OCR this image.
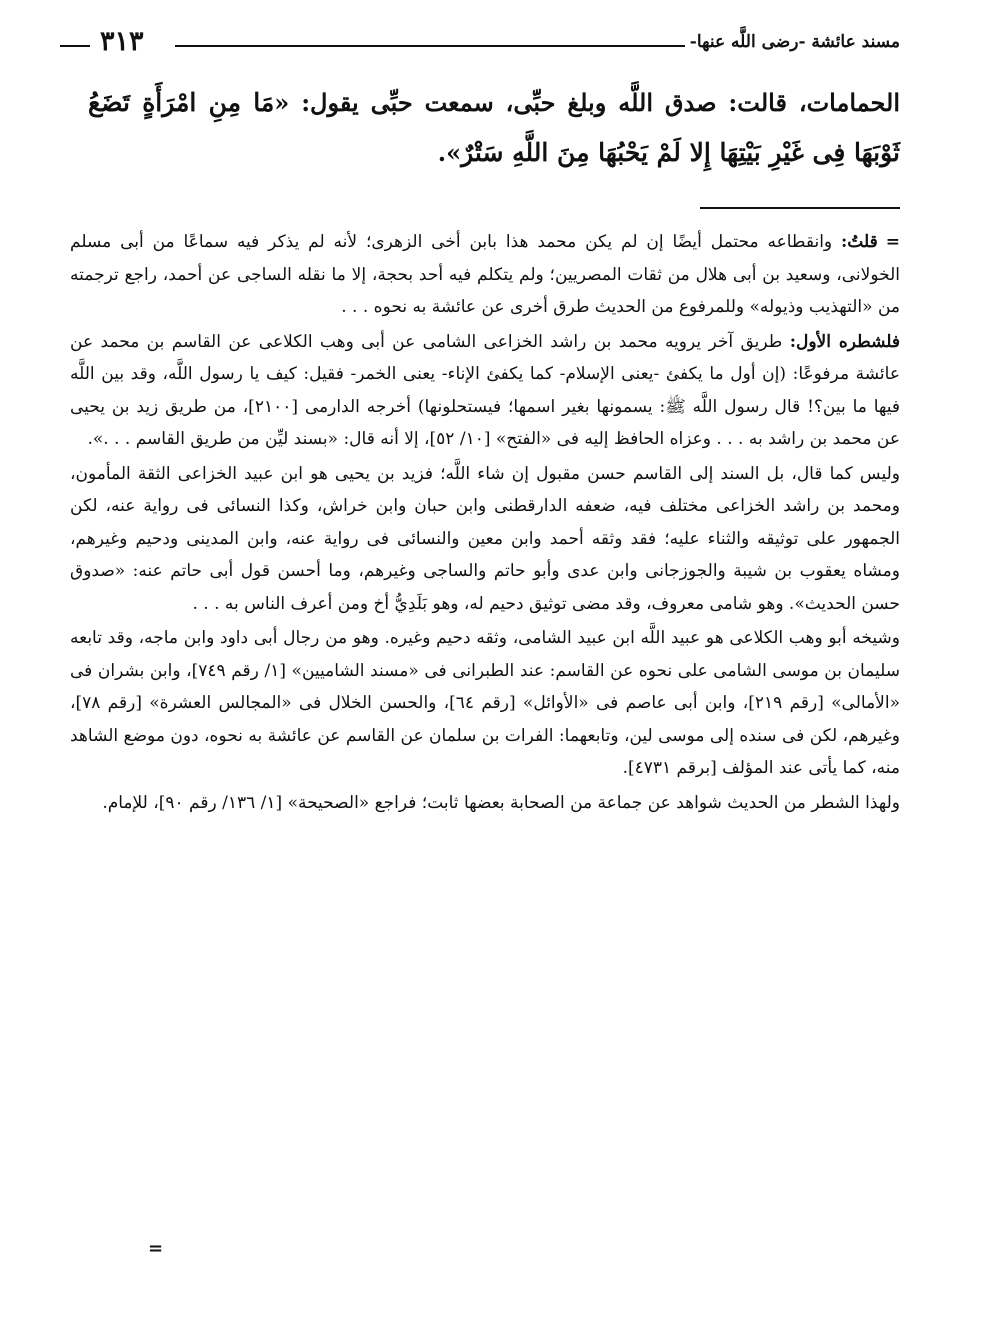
مسند عائشة -رضى اللَّه عنها-
٣١٣
الحمامات، قالت: صدق اللَّه وبلغ حبِّى، سمعت حبِّى يقول: «مَا مِنِ امْرَأَةٍ تَضَعُ ثَوْبَهَا فِى غَيْرِ بَيْتِهَا إِلا لَمْ يَحْبُهَا مِنَ اللَّهِ سَتْرٌ».

=قلتُ: وانقطاعه محتمل أيضًا إن لم يكن محمد هذا بابن أخى الزهرى؛ لأنه لم يذكر فيه سماعًا من أبى مسلم الخولانى، وسعيد بن أبى هلال من ثقات المصريين؛ ولم يتكلم فيه أحد بحجة، إلا ما نقله الساجى عن أحمد، راجع ترجمته من «التهذيب وذيوله» وللمرفوع من الحديث طرق أخرى عن عائشة به نحوه . . .

فلشطره الأول: طريق آخر يرويه محمد بن راشد الخزاعى الشامى عن أبى وهب الكلاعى عن القاسم بن محمد عن عائشة مرفوعًا: (إن أول ما يكفئ -يعنى الإسلام- كما يكفئ الإناء- يعنى الخمر- فقيل: كيف يا رسول اللَّه، وقد بين اللَّه فيها ما بين؟! قال رسول اللَّه ﷺ: يسمونها بغير اسمها؛ فيستحلونها) أخرجه الدارمى [٢١٠٠]، من طريق زيد بن يحيى عن محمد بن راشد به . . . وعزاه الحافظ إليه فى «الفتح» [١٠/ ٥٢]، إلا أنه قال: «بسند ليِّن من طريق القاسم . . .».

وليس كما قال، بل السند إلى القاسم حسن مقبول إن شاء اللَّه؛ فزيد بن يحيى هو ابن عبيد الخزاعى الثقة المأمون، ومحمد بن راشد الخزاعى مختلف فيه، ضعفه الدارقطنى وابن حبان وابن خراش، وكذا النسائى فى رواية عنه، لكن الجمهور على توثيقه والثناء عليه؛ فقد وثقه أحمد وابن معين والنسائى فى رواية عنه، وابن المدينى ودحيم وغيرهم، ومشاه يعقوب بن شيبة والجوزجانى وابن عدى وأبو حاتم والساجى وغيرهم، وما أحسن قول أبى حاتم عنه: «صدوق حسن الحديث». وهو شامى معروف، وقد مضى توثيق دحيم له، وهو بَلَدِيُّ أخ ومن أعرف الناس به . . .

وشيخه أبو وهب الكلاعى هو عبيد اللَّه ابن عبيد الشامى، وثقه دحيم وغيره. وهو من رجال أبى داود وابن ماجه، وقد تابعه سليمان بن موسى الشامى على نحوه عن القاسم: عند الطبرانى فى «مسند الشاميين» [١/ رقم ٧٤٩]، وابن بشران فى «الأمالى» [رقم ٢١٩]، وابن أبى عاصم فى «الأوائل» [رقم ٦٤]، والحسن الخلال فى «المجالس العشرة» [رقم ٧٨]، وغيرهم، لكن فى سنده إلى موسى لين، وتابعهما: الفرات بن سلمان عن القاسم عن عائشة به نحوه، دون موضع الشاهد منه، كما يأتى عند المؤلف [برقم ٤٧٣١].

ولهذا الشطر من الحديث شواهد عن جماعة من الصحابة بعضها ثابت؛ فراجع «الصحيحة» [١/ ١٣٦/ رقم ٩٠]، للإمام.

=
